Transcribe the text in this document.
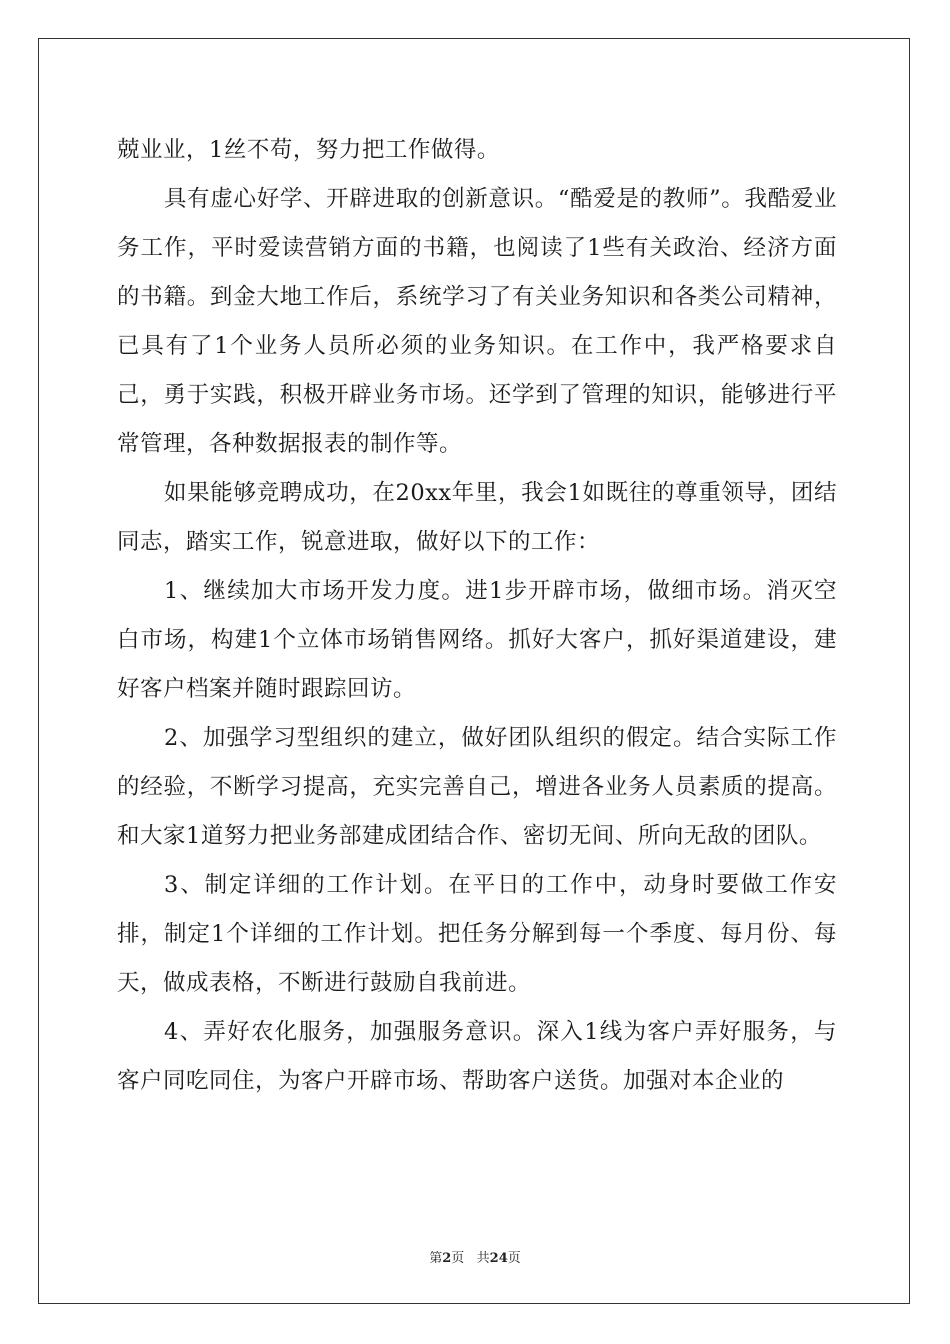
兢业业，1丝不苟，努力把工作做得。

具有虚心好学、开辟进取的创新意识。“酷爱是的教师”。我酷爱业务工作，平时爱读营销方面的书籍，也阅读了1些有关政治、经济方面的书籍。到金大地工作后，系统学习了有关业务知识和各类公司精神，已具有了1个业务人员所必须的业务知识。在工作中，我严格要求自己，勇于实践，积极开辟业务市场。还学到了管理的知识，能够进行平常管理，各种数据报表的制作等。

如果能够竞聘成功，在20xx年里，我会1如既往的尊重领导，团结同志，踏实工作，锐意进取，做好以下的工作：

1、继续加大市场开发力度。进1步开辟市场，做细市场。消灭空白市场，构建1个立体市场销售网络。抓好大客户，抓好渠道建设，建好客户档案并随时跟踪回访。

2、加强学习型组织的建立，做好团队组织的假定。结合实际工作的经验，不断学习提高，充实完善自己，增进各业务人员素质的提高。和大家1道努力把业务部建成团结合作、密切无间、所向无敌的团队。

3、制定详细的工作计划。在平日的工作中，动身时要做工作安排，制定1个详细的工作计划。把任务分解到每一个季度、每月份、每天，做成表格，不断进行鼓励自我前进。

4、弄好农化服务，加强服务意识。深入1线为客户弄好服务，与客户同吃同住，为客户开辟市场、帮助客户送货。加强对本企业的

第2页   共24页
